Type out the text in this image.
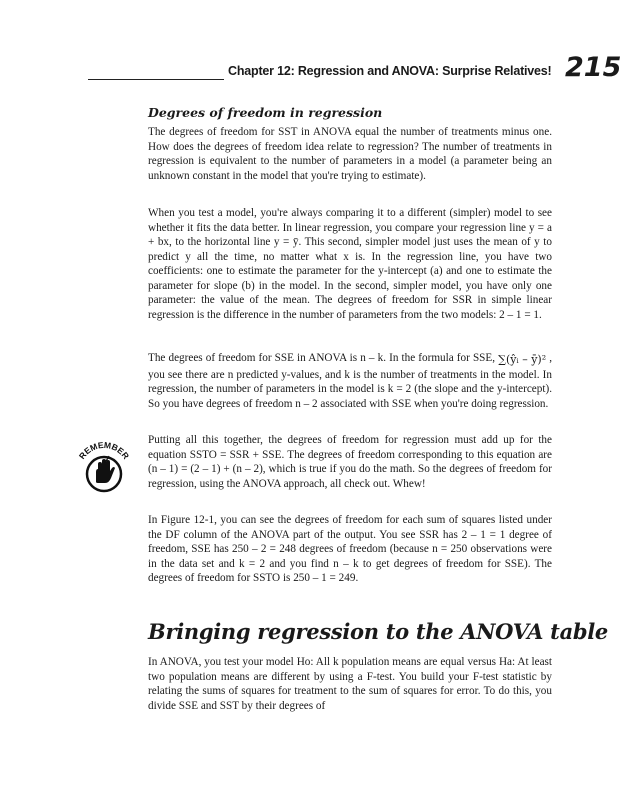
Chapter 12: Regression and ANOVA: Surprise Relatives! 215
Degrees of freedom in regression

The degrees of freedom for SST in ANOVA equal the number of treatments minus one. How does the degrees of freedom idea relate to regression? The number of treatments in regression is equivalent to the number of parameters in a model (a parameter being an unknown constant in the model that you're trying to estimate).

When you test a model, you're always comparing it to a different (simpler) model to see whether it fits the data better. In linear regression, you compare your regression line y = a + bx, to the horizontal line y = ȳ. This second, simpler model just uses the mean of y to predict y all the time, no matter what x is. In the regression line, you have two coefficients: one to estimate the parameter for the y-intercept (a) and one to estimate the parameter for slope (b) in the model. In the second, simpler model, you have only one parameter: the value of the mean. The degrees of freedom for SSR in simple linear regression is the difference in the number of parameters from the two models: 2 – 1 = 1.

The degrees of freedom for SSE in ANOVA is n – k. In the formula for SSE, ∑(ŷᵢ – ȳ)² , you see there are n predicted y-values, and k is the number of treatments in the model. In regression, the number of parameters in the model is k = 2 (the slope and the y-intercept). So you have degrees of freedom n – 2 associated with SSE when you're doing regression.

REMEMBER

Putting all this together, the degrees of freedom for regression must add up for the equation SSTO = SSR + SSE. The degrees of freedom corresponding to this equation are (n – 1) = (2 – 1) + (n – 2), which is true if you do the math. So the degrees of freedom for regression, using the ANOVA approach, all check out. Whew!

In Figure 12-1, you can see the degrees of freedom for each sum of squares listed under the DF column of the ANOVA part of the output. You see SSR has 2 – 1 = 1 degree of freedom, SSE has 250 – 2 = 248 degrees of freedom (because n = 250 observations were in the data set and k = 2 and you find n – k to get degrees of freedom for SSE). The degrees of freedom for SSTO is 250 – 1 = 249.

Bringing regression to the ANOVA table

In ANOVA, you test your model Ho: All k population means are equal versus Ha: At least two population means are different by using a F-test. You build your F-test statistic by relating the sums of squares for treatment to the sum of squares for error. To do this, you divide SSE and SST by their degrees of
